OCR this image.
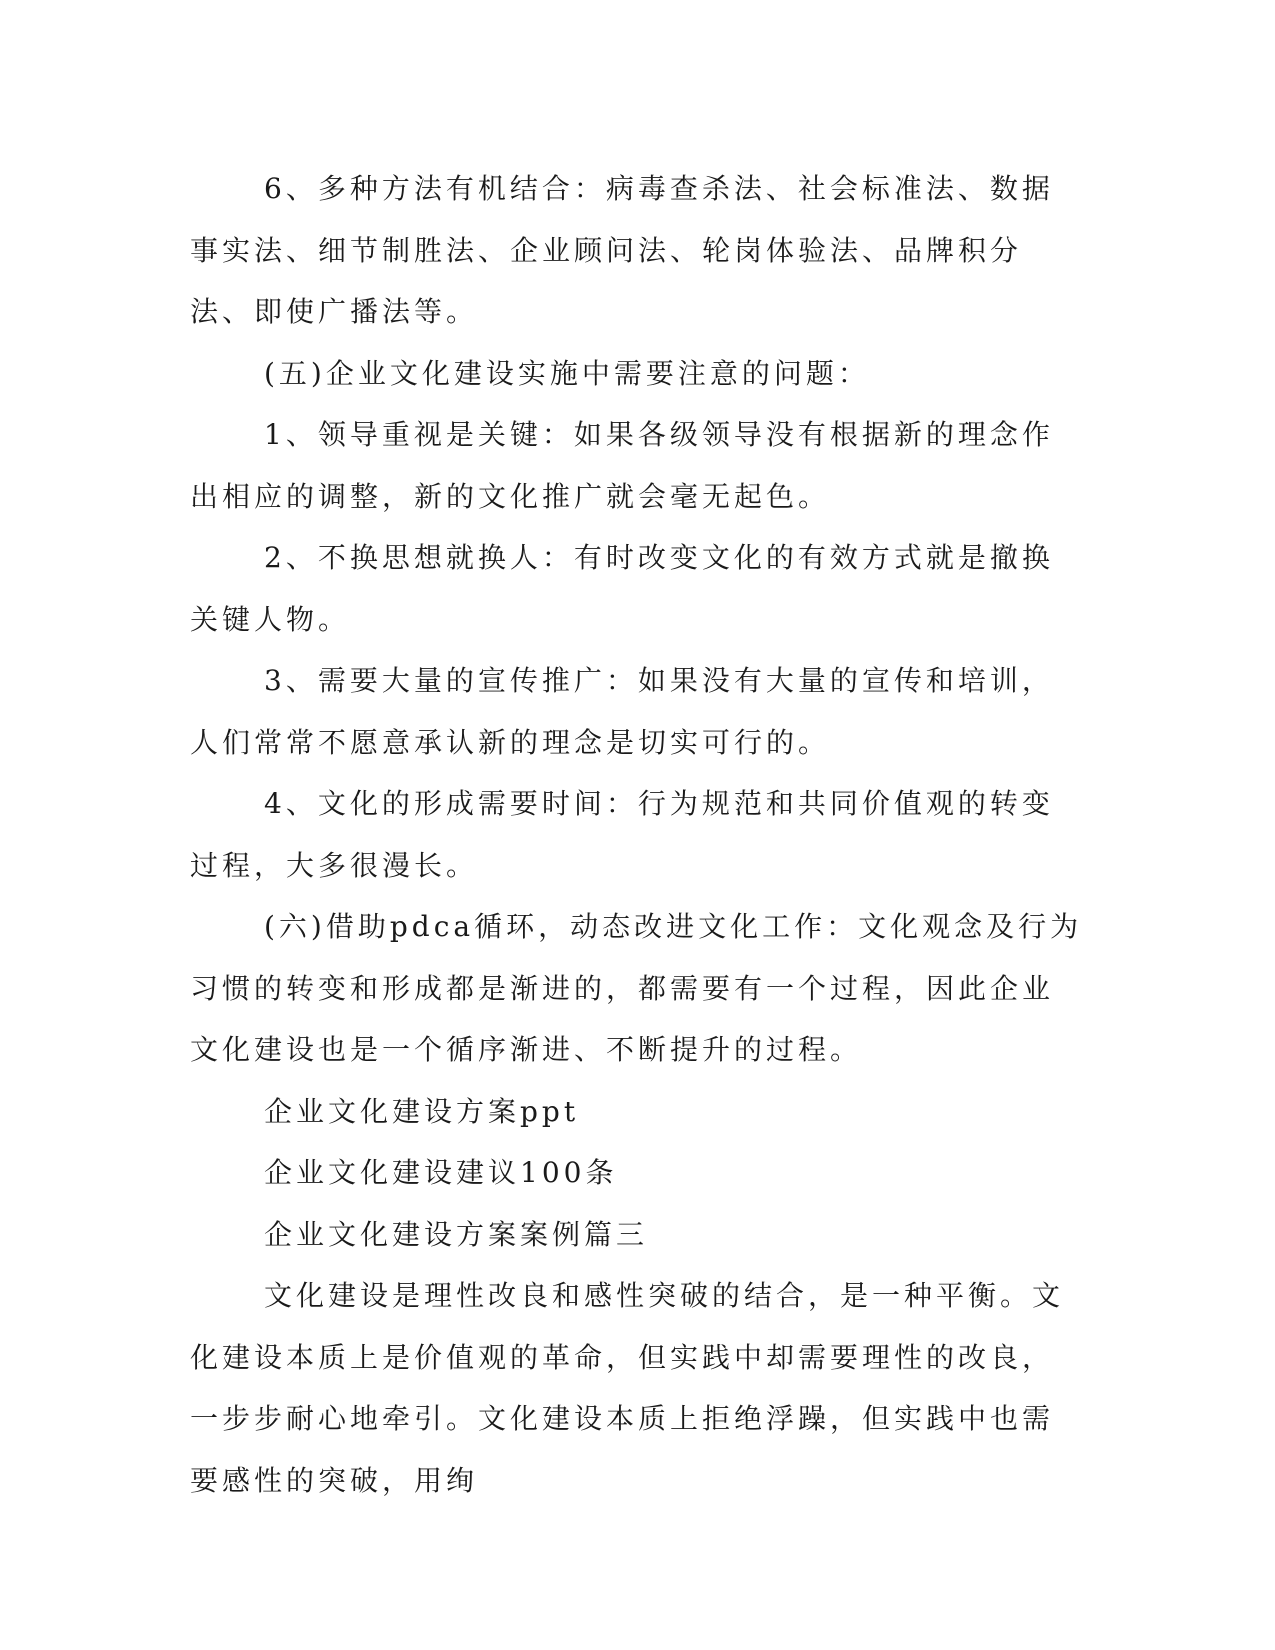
6、多种方法有机结合：病毒查杀法、社会标准法、数据事实法、细节制胜法、企业顾问法、轮岗体验法、品牌积分法、即使广播法等。

(五)企业文化建设实施中需要注意的问题：

1、领导重视是关键：如果各级领导没有根据新的理念作出相应的调整，新的文化推广就会毫无起色。

2、不换思想就换人：有时改变文化的有效方式就是撤换关键人物。

3、需要大量的宣传推广：如果没有大量的宣传和培训，人们常常不愿意承认新的理念是切实可行的。

4、文化的形成需要时间：行为规范和共同价值观的转变过程，大多很漫长。

(六)借助pdca循环，动态改进文化工作：文化观念及行为习惯的转变和形成都是渐进的，都需要有一个过程，因此企业文化建设也是一个循序渐进、不断提升的过程。

企业文化建设方案ppt

企业文化建设建议100条

企业文化建设方案案例篇三

文化建设是理性改良和感性突破的结合，是一种平衡。文化建设本质上是价值观的革命，但实践中却需要理性的改良，一步步耐心地牵引。文化建设本质上拒绝浮躁，但实践中也需要感性的突破，用绚
